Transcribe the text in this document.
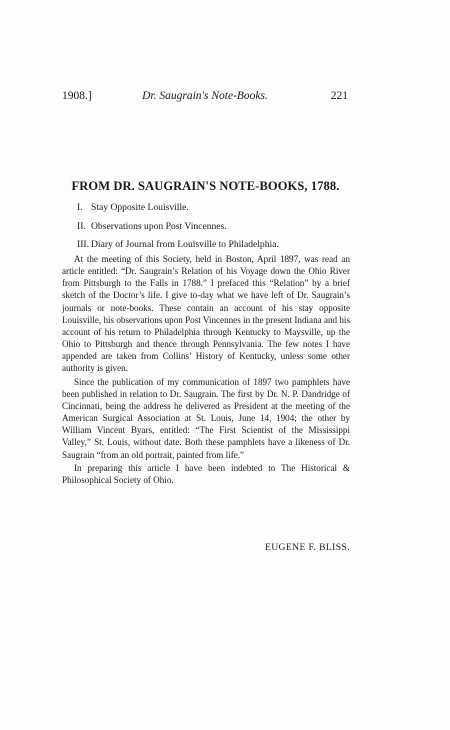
1908.]	Dr. Saugrain's Note-Books.	221
FROM DR. SAUGRAIN'S NOTE-BOOKS, 1788.
I. Stay Opposite Louisville.
II. Observations upon Post Vincennes.
III. Diary of Journal from Louisville to Philadelphia.

At the meeting of this Society, held in Boston, April 1897, was read an article entitled: “Dr. Saugrain’s Relation of his Voyage down the Ohio River from Pittsburgh to the Falls in 1788.” I prefaced this “Relation” by a brief sketch of the Doctor’s life. I give to-day what we have left of Dr. Saugrain’s journals or note-books. These contain an account of his stay opposite Louisville, his observations upon Post Vincennes in the present Indiana and his account of his return to Philadelphia through Kentucky to Maysville, up the Ohio to Pittsburgh and thence through Pennsylvania. The few notes I have appended are taken from Collins’ History of Kentucky, unless some other authority is given.

Since the publication of my communication of 1897 two pamphlets have been published in relation to Dr. Saugrain. The first by Dr. N. P. Dandridge of Cincinnati, being the address he delivered as President at the meeting of the American Surgical Association at St. Louis, June 14, 1904; the other by William Vincent Byars, entitled: “The First Scientist of the Mississippi Valley,” St. Louis, without date. Both these pamphlets have a likeness of Dr. Saugrain “from an old portrait, painted from life.”

In preparing this article I have been indebted to The Historical & Philosophical Society of Ohio.

EUGENE F. BLISS.
